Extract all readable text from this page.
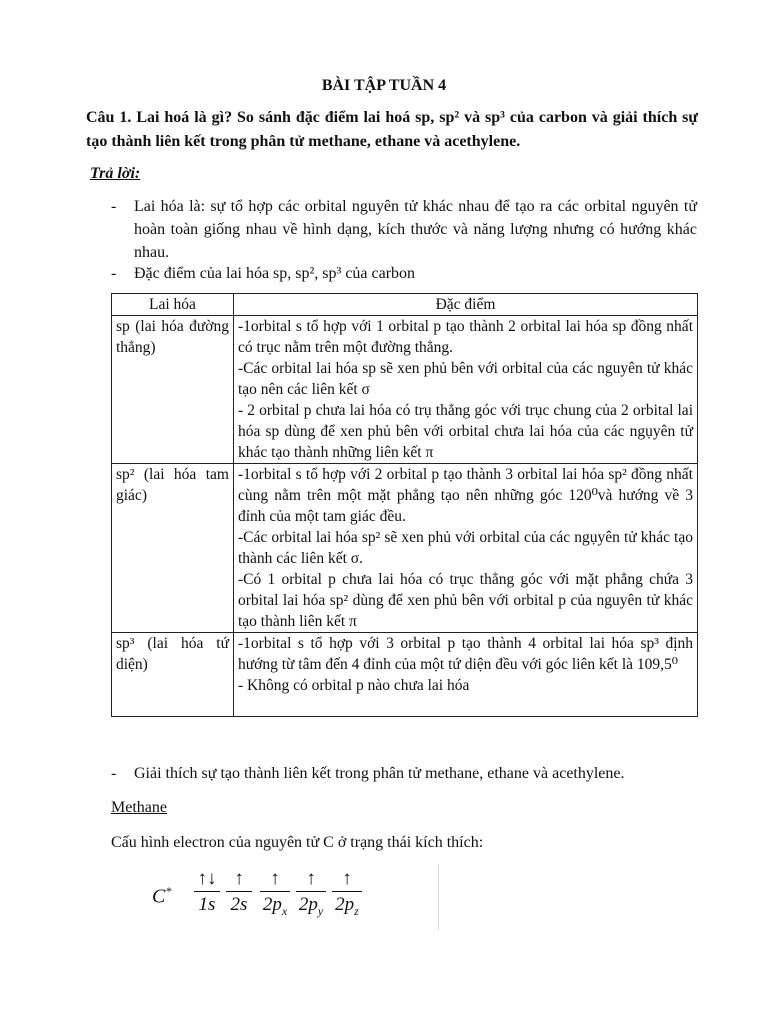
BÀI TẬP TUẦN 4
Câu 1. Lai hoá là gì? So sánh đặc điểm lai hoá sp, sp² và sp³ của carbon và giải thích sự tạo thành liên kết trong phân tử methane, ethane và acethylene.
Trả lời:
- Lai hóa là: sự tổ hợp các orbital nguyên tử khác nhau để tạo ra các orbital nguyên tử hoàn toàn giống nhau về hình dạng, kích thước và năng lượng nhưng có hướng khác nhau.
- Đặc điểm của lai hóa sp, sp², sp³ của carbon
Lai hóa	Đặc điểm
sp (lai hóa đường thẳng)	-1orbital s tổ hợp với 1 orbital p tạo thành 2 orbital lai hóa sp đồng nhất có trục nằm trên một đường thẳng.
-Các orbital lai hóa sp sẽ xen phủ bên với orbital của các nguyên tử khác tạo nên các liên kết σ
- 2 orbital p chưa lai hóa có trụ thẳng góc với trục chung của 2 orbital lai hóa sp dùng để xen phủ bên với orbital chưa lai hóa của các ngụyên tử khác tạo thành những liên kết π

sp² (lai hóa tam giác)	-1orbital s tổ hợp với 2 orbital p tạo thành 3 orbital lai hóa sp² đồng nhất cùng nằm trên một mặt phẳng tạo nên những góc 120⁰và hướng về 3 đỉnh của một tam giác đều.
-Các orbital lai hóa sp² sẽ xen phủ với orbital của các ngụyên tử khác tạo thành các liên kết σ.
-Có 1 orbital p chưa lai hóa có trục thẳng góc với mặt phẳng chứa 3 orbital lai hóa sp² dùng để xen phủ bên với orbital p của nguyên tử khác tạo thành liên kết π

sp³ (lai hóa tứ diện)	-1orbital s tổ hợp với 3 orbital p tạo thành 4 orbital lai hóa sp³ định hướng từ tâm đến 4 đỉnh của một tứ diện đều với góc liên kết là 109,5⁰
- Không có orbital p nào chưa lai hóa
- Giải thích sự tạo thành liên kết trong phân tử methane, ethane và acethylene.
Methane
Cấu hình electron của nguyên tử C ở trạng thái kích thích:
C*
↑↓
1s
↑
2s
↑
$2p_x$
↑
$2p_y$
↑
$2p_z$
